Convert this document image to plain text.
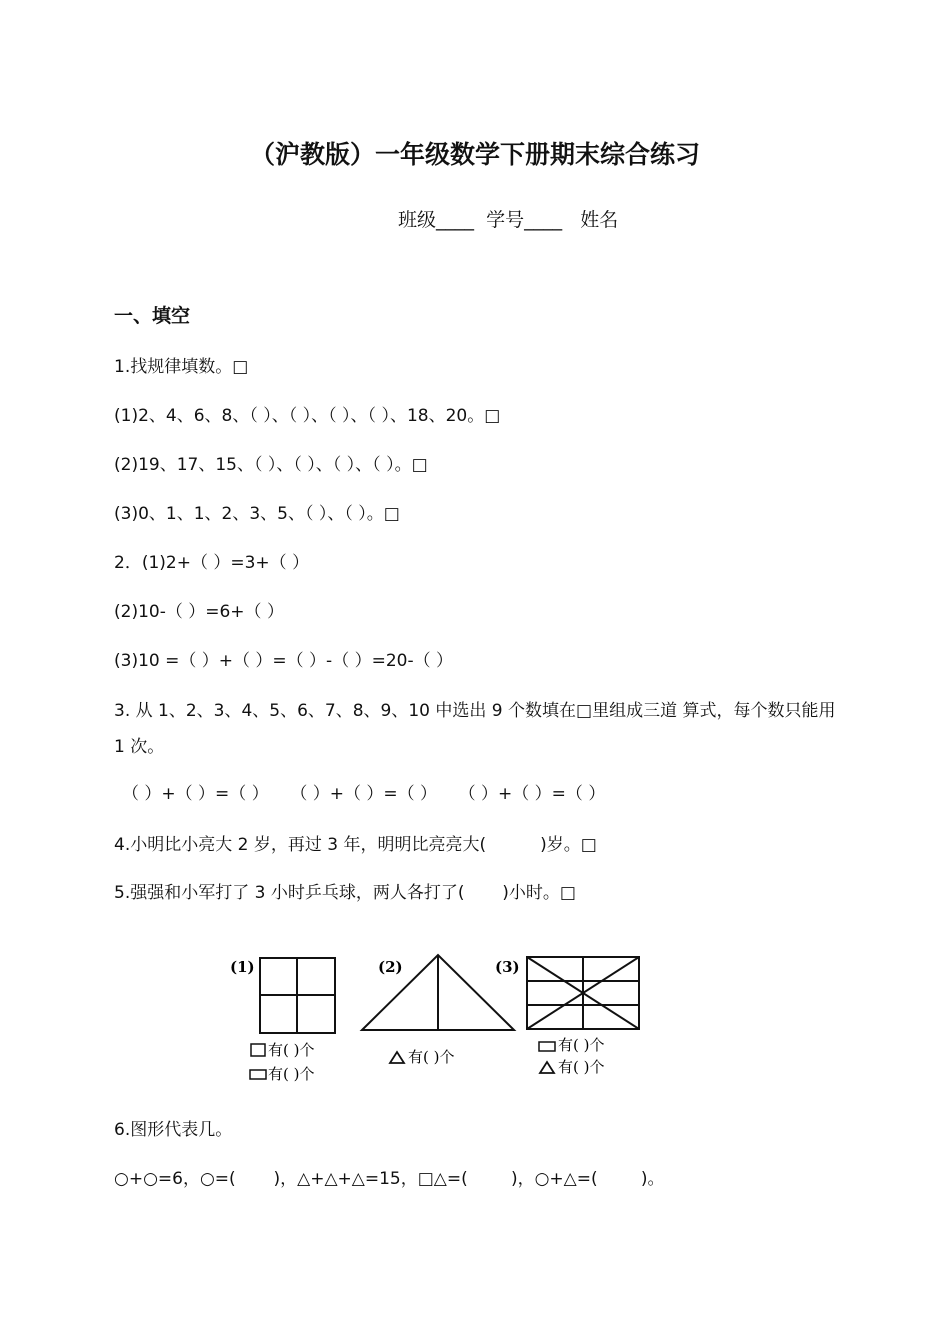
（沪教版）一年级数学下册期末综合练习
班级____  学号____   姓名
一、填空
1.找规律填数。□
(1)2、4、6、8、（ ）、（ ）、（ ）、（ ）、18、20。□
(2)19、17、15、（ ）、（ ）、（ ）、（ ）。□
(3)0、1、1、2、3、5、（ ）、（ ）。□
2．(1)2+（ ）=3+（ ）
(2)10-（ ）=6+（ ）
(3)10 =（ ）+（ ）=（ ）-（ ）=20-（ ）
3. 从 1、2、3、4、5、6、7、8、9、10 中选出 9 个数填在□里组成三道 算式，每个数只能用 1 次。
（ ）+（ ）=（ ）    （ ）+（ ）=（ ）    （ ）+（ ）=（ ）
4.小明比小亮大 2 岁，再过 3 年，明明比亮亮大(          )岁。□
5.强强和小军打了 3 小时乒乓球，两人各打了(       )小时。□
(1)
有( )个
有( )个
(2)
有( )个
(3)
有( )个
有( )个
6.图形代表几。
○+○=6，○=(       )，△+△+△=15，□△=(        )，○+△=(        )。
